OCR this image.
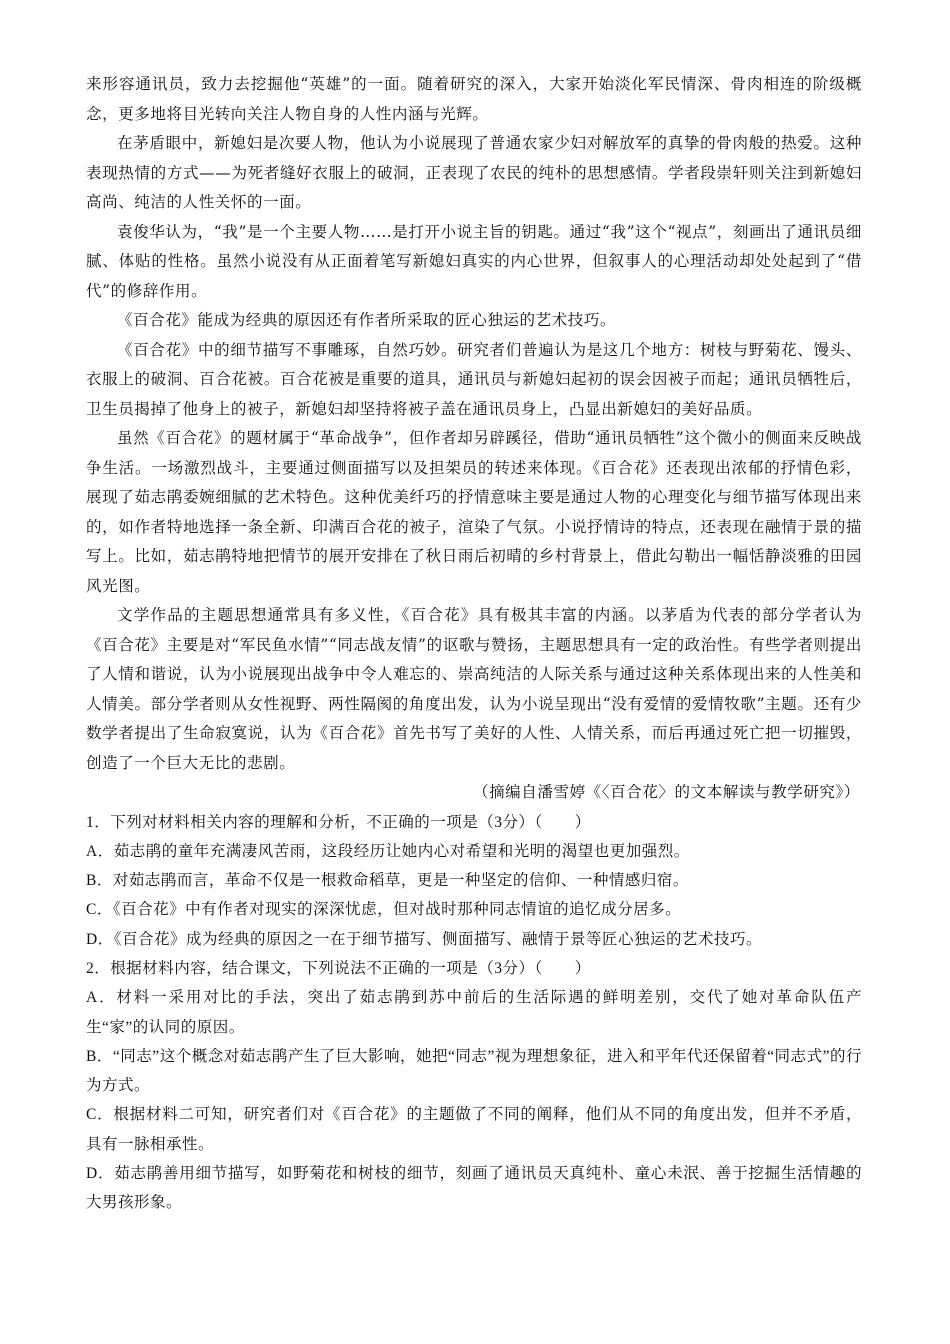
来形容通讯员，致力去挖掘他“英雄”的一面。随着研究的深入，大家开始淡化军民情深、骨肉相连的阶级概念，更多地将目光转向关注人物自身的人性内涵与光辉。

在茅盾眼中，新媳妇是次要人物，他认为小说展现了普通农家少妇对解放军的真挚的骨肉般的热爱。这种表现热情的方式——为死者缝好衣服上的破洞，正表现了农民的纯朴的思想感情。学者段崇轩则关注到新媳妇高尚、纯洁的人性关怀的一面。

袁俊华认为，“我”是一个主要人物……是打开小说主旨的钥匙。通过“我”这个“视点”，刻画出了通讯员细腻、体贴的性格。虽然小说没有从正面着笔写新媳妇真实的内心世界，但叙事人的心理活动却处处起到了“借代”的修辞作用。

《百合花》能成为经典的原因还有作者所采取的匠心独运的艺术技巧。

《百合花》中的细节描写不事雕琢，自然巧妙。研究者们普遍认为是这几个地方：树枝与野菊花、馒头、衣服上的破洞、百合花被。百合花被是重要的道具，通讯员与新媳妇起初的误会因被子而起；通讯员牺牲后，卫生员揭掉了他身上的被子，新媳妇却坚持将被子盖在通讯员身上，凸显出新媳妇的美好品质。

虽然《百合花》的题材属于“革命战争”，但作者却另辟蹊径，借助“通讯员牺牲”这个微小的侧面来反映战争生活。一场激烈战斗，主要通过侧面描写以及担架员的转述来体现。《百合花》还表现出浓郁的抒情色彩，展现了茹志鹃委婉细腻的艺术特色。这种优美纤巧的抒情意味主要是通过人物的心理变化与细节描写体现出来的，如作者特地选择一条全新、印满百合花的被子，渲染了气氛。小说抒情诗的特点，还表现在融情于景的描写上。比如，茹志鹃特地把情节的展开安排在了秋日雨后初晴的乡村背景上，借此勾勒出一幅恬静淡雅的田园风光图。

文学作品的主题思想通常具有多义性，《百合花》具有极其丰富的内涵。以茅盾为代表的部分学者认为《百合花》主要是对“军民鱼水情”“同志战友情”的讴歌与赞扬，主题思想具有一定的政治性。有些学者则提出了人情和谐说，认为小说展现出战争中令人难忘的、崇高纯洁的人际关系与通过这种关系体现出来的人性美和人情美。部分学者则从女性视野、两性隔阂的角度出发，认为小说呈现出“没有爱情的爱情牧歌”主题。还有少数学者提出了生命寂寞说，认为《百合花》首先书写了美好的人性、人情关系，而后再通过死亡把一切摧毁，创造了一个巨大无比的悲剧。

（摘编自潘雪婷《〈百合花〉的文本解读与教学研究》）

1．下列对材料相关内容的理解和分析，不正确的一项是（3分）（　　）

A．茹志鹃的童年充满凄风苦雨，这段经历让她内心对希望和光明的渴望也更加强烈。

B．对茹志鹃而言，革命不仅是一根救命稻草，更是一种坚定的信仰、一种情感归宿。

C．《百合花》中有作者对现实的深深忧虑，但对战时那种同志情谊的追忆成分居多。

D．《百合花》成为经典的原因之一在于细节描写、侧面描写、融情于景等匠心独运的艺术技巧。

2．根据材料内容，结合课文，下列说法不正确的一项是（3分）（　　）

A．材料一采用对比的手法，突出了茹志鹃到苏中前后的生活际遇的鲜明差别，交代了她对革命队伍产生“家”的认同的原因。

B．“同志”这个概念对茹志鹃产生了巨大影响，她把“同志”视为理想象征，进入和平年代还保留着“同志式”的行为方式。

C．根据材料二可知，研究者们对《百合花》的主题做了不同的阐释，他们从不同的角度出发，但并不矛盾，具有一脉相承性。

D．茹志鹃善用细节描写，如野菊花和树枝的细节，刻画了通讯员天真纯朴、童心未泯、善于挖掘生活情趣的大男孩形象。
